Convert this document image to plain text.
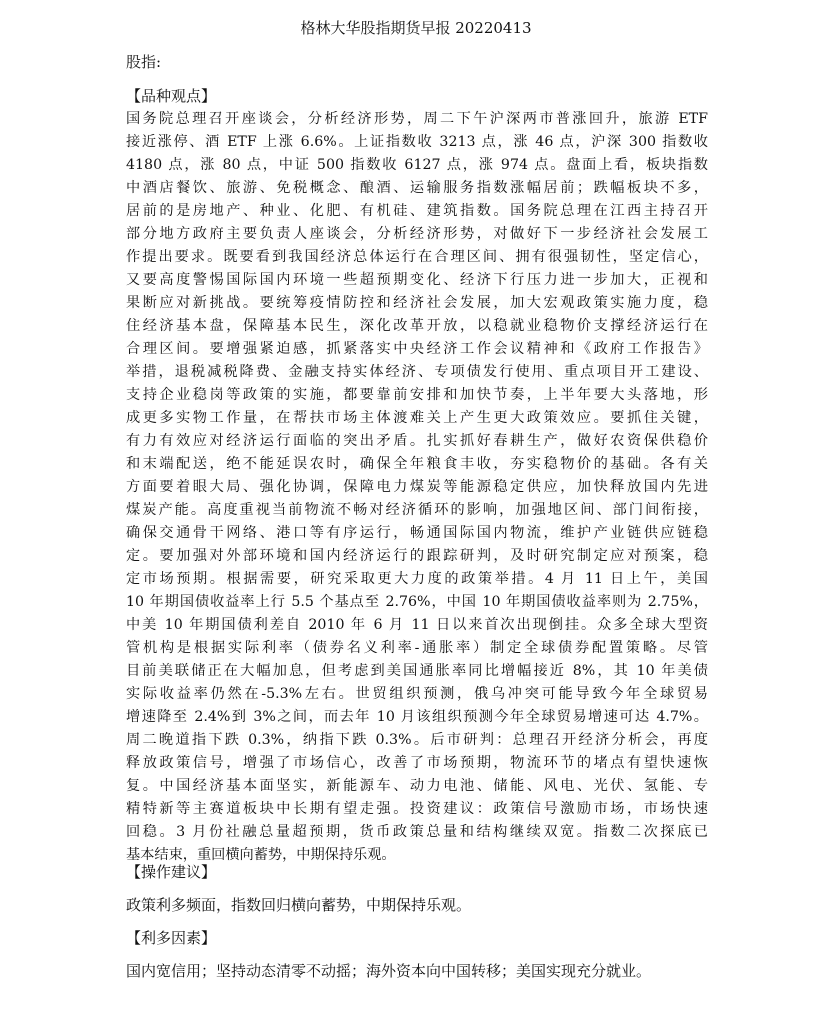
格林大华股指期货早报 20220413
股指:
【品种观点】
国务院总理召开座谈会，分析经济形势，周二下午沪深两市普涨回升，旅游 ETF
接近涨停、酒 ETF 上涨 6.6%。上证指数收 3213 点，涨 46 点，沪深 300 指数收
4180 点，涨 80 点，中证 500 指数收 6127 点，涨 974 点。盘面上看，板块指数
中酒店餐饮、旅游、免税概念、酿酒、运输服务指数涨幅居前；跌幅板块不多，
居前的是房地产、种业、化肥、有机硅、建筑指数。国务院总理在江西主持召开
部分地方政府主要负责人座谈会，分析经济形势，对做好下一步经济社会发展工
作提出要求。既要看到我国经济总体运行在合理区间、拥有很强韧性，坚定信心，
又要高度警惕国际国内环境一些超预期变化、经济下行压力进一步加大，正视和
果断应对新挑战。要统筹疫情防控和经济社会发展，加大宏观政策实施力度，稳
住经济基本盘，保障基本民生，深化改革开放，以稳就业稳物价支撑经济运行在
合理区间。要增强紧迫感，抓紧落实中央经济工作会议精神和《政府工作报告》
举措，退税减税降费、金融支持实体经济、专项债发行使用、重点项目开工建设、
支持企业稳岗等政策的实施，都要靠前安排和加快节奏，上半年要大头落地，形
成更多实物工作量，在帮扶市场主体渡难关上产生更大政策效应。要抓住关键，
有力有效应对经济运行面临的突出矛盾。扎实抓好春耕生产，做好农资保供稳价
和末端配送，绝不能延误农时，确保全年粮食丰收，夯实稳物价的基础。各有关
方面要着眼大局、强化协调，保障电力煤炭等能源稳定供应，加快释放国内先进
煤炭产能。高度重视当前物流不畅对经济循环的影响，加强地区间、部门间衔接，
确保交通骨干网络、港口等有序运行，畅通国际国内物流，维护产业链供应链稳
定。要加强对外部环境和国内经济运行的跟踪研判，及时研究制定应对预案，稳
定市场预期。根据需要，研究采取更大力度的政策举措。4 月 11 日上午，美国
10 年期国债收益率上行 5.5 个基点至 2.76%，中国 10 年期国债收益率则为 2.75%，
中美 10 年期国债利差自 2010 年 6 月 11 日以来首次出现倒挂。众多全球大型资
管机构是根据实际利率（债券名义利率-通胀率）制定全球债券配置策略。尽管
目前美联储正在大幅加息，但考虑到美国通胀率同比增幅接近 8%，其 10 年美债
实际收益率仍然在-5.3%左右。世贸组织预测，俄乌冲突可能导致今年全球贸易
增速降至 2.4%到 3%之间，而去年 10 月该组织预测今年全球贸易增速可达 4.7%。
周二晚道指下跌 0.3%，纳指下跌 0.3%。后市研判：总理召开经济分析会，再度
释放政策信号，增强了市场信心，改善了市场预期，物流环节的堵点有望快速恢
复。中国经济基本面坚实，新能源车、动力电池、储能、风电、光伏、氢能、专
精特新等主赛道板块中长期有望走强。投资建议：政策信号激励市场，市场快速
回稳。3 月份社融总量超预期，货币政策总量和结构继续双宽。指数二次探底已
基本结束，重回横向蓄势，中期保持乐观。
【操作建议】
政策利多频面，指数回归横向蓄势，中期保持乐观。
【利多因素】
国内宽信用；坚持动态清零不动摇；海外资本向中国转移；美国实现充分就业。
